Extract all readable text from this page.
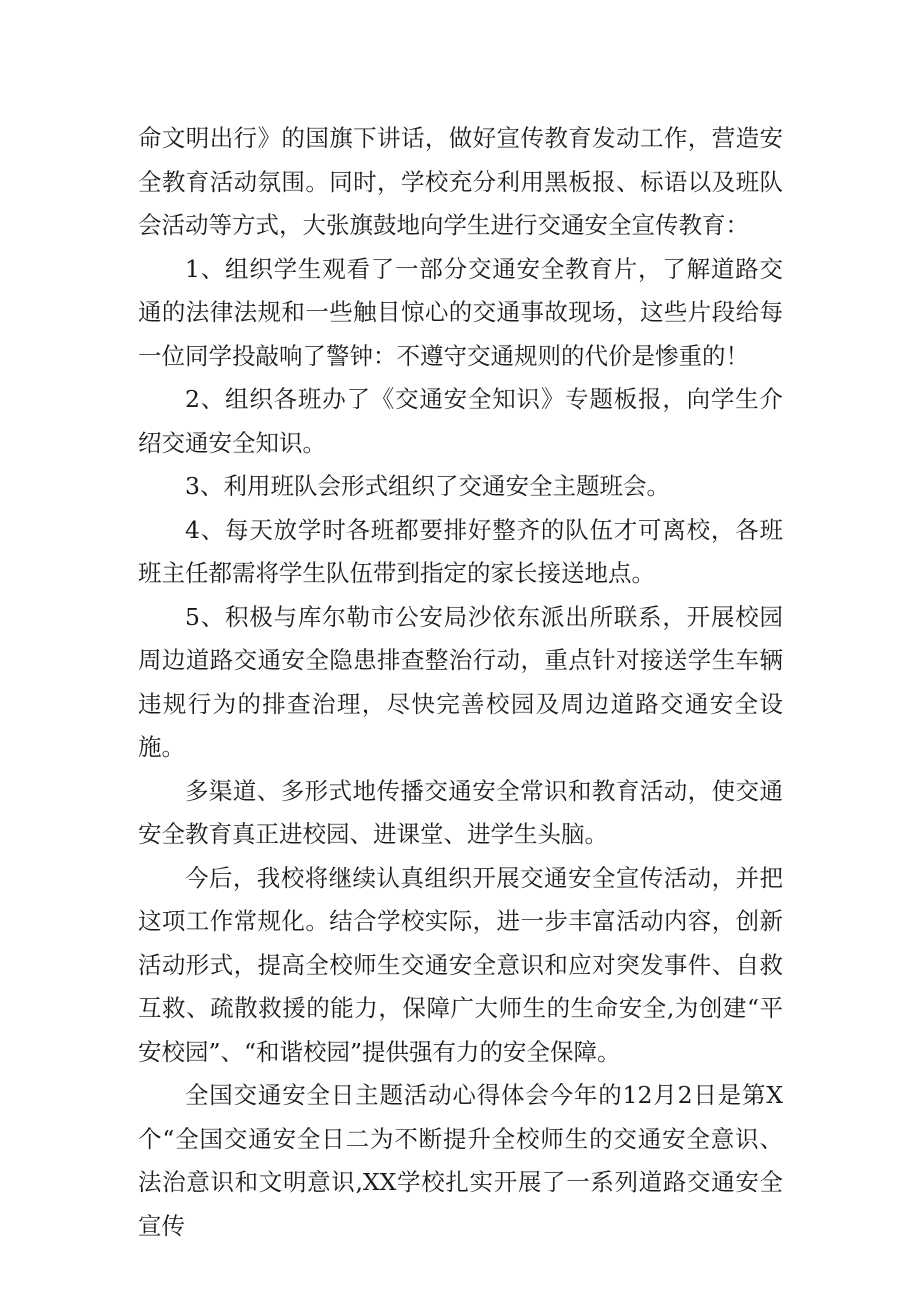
命文明出行》的国旗下讲话，做好宣传教育发动工作，营造安全教育活动氛围。同时，学校充分利用黑板报、标语以及班队会活动等方式，大张旗鼓地向学生进行交通安全宣传教育：

1、组织学生观看了一部分交通安全教育片，了解道路交通的法律法规和一些触目惊心的交通事故现场，这些片段给每一位同学投敲响了警钟：不遵守交通规则的代价是惨重的！

2、组织各班办了《交通安全知识》专题板报，向学生介绍交通安全知识。

3、利用班队会形式组织了交通安全主题班会。

4、每天放学时各班都要排好整齐的队伍才可离校，各班班主任都需将学生队伍带到指定的家长接送地点。

5、积极与库尔勒市公安局沙依东派出所联系，开展校园周边道路交通安全隐患排查整治行动，重点针对接送学生车辆违规行为的排查治理，尽快完善校园及周边道路交通安全设施。

多渠道、多形式地传播交通安全常识和教育活动，使交通安全教育真正进校园、进课堂、进学生头脑。

今后，我校将继续认真组织开展交通安全宣传活动，并把这项工作常规化。结合学校实际，进一步丰富活动内容，创新活动形式，提高全校师生交通安全意识和应对突发事件、自救互救、疏散救援的能力，保障广大师生的生命安全,为创建“平安校园”、“和谐校园”提供强有力的安全保障。

全国交通安全日主题活动心得体会今年的12月2日是第X个“全国交通安全日二为不断提升全校师生的交通安全意识、法治意识和文明意识,XX学校扎实开展了一系列道路交通安全宣传
